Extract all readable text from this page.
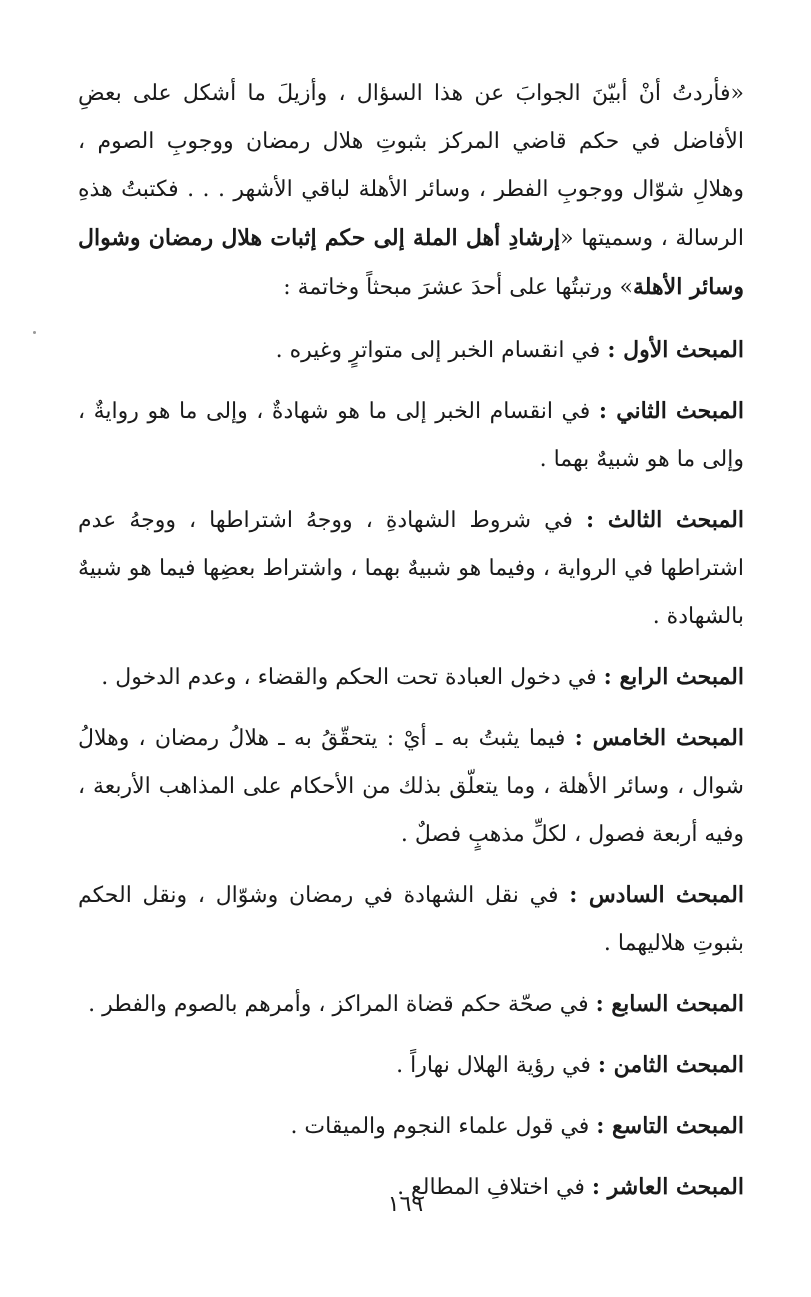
«فأردتُ أنْ أبيّنَ الجوابَ عن هذا السؤال ، وأزيلَ ما أشكل على بعضِ الأفاضل في حكم قاضي المركز بثبوتِ هلال رمضان ووجوبِ الصوم ، وهلالِ شوّال ووجوبِ الفطر ، وسائر الأهلة لباقي الأشهر . . . فكتبتُ هذهِ الرسالة ، وسميتها «إرشادِ أهل الملة إلى حكم إثبات هلال رمضان وشوال وسائر الأهلة» ورتبتُها على أحدَ عشرَ مبحثاً وخاتمة :

المبحث الأول : في انقسام الخبر إلى متواترٍ وغيره .

المبحث الثاني : في انقسام الخبر إلى ما هو شهادةٌ ، وإلى ما هو روايةٌ ، وإلى ما هو شبيهٌ بهما .

المبحث الثالث : في شروط الشهادةِ ، ووجهُ اشتراطها ، ووجهُ عدم اشتراطها في الرواية ، وفيما هو شبيهٌ بهما ، واشتراط بعضِها فيما هو شبيهٌ بالشهادة .

المبحث الرابع : في دخول العبادة تحت الحكم والقضاء ، وعدم الدخول .

المبحث الخامس : فيما يثبتُ به ـ أيْ : يتحقّقُ به ـ هلالُ رمضان ، وهلالُ شوال ، وسائر الأهلة ، وما يتعلّق بذلك من الأحكام على المذاهب الأربعة ، وفيه أربعة فصول ، لكلِّ مذهبٍ فصلٌ .

المبحث السادس : في نقل الشهادة في رمضان وشوّال ، ونقل الحكم بثبوتِ هلاليهما .

المبحث السابع : في صحّة حكم قضاة المراكز ، وأمرهم بالصوم والفطر .

المبحث الثامن : في رؤية الهلال نهاراً .

المبحث التاسع : في قول علماء النجوم والميقات .

المبحث العاشر : في اختلافِ المطالع .

١٦٩
